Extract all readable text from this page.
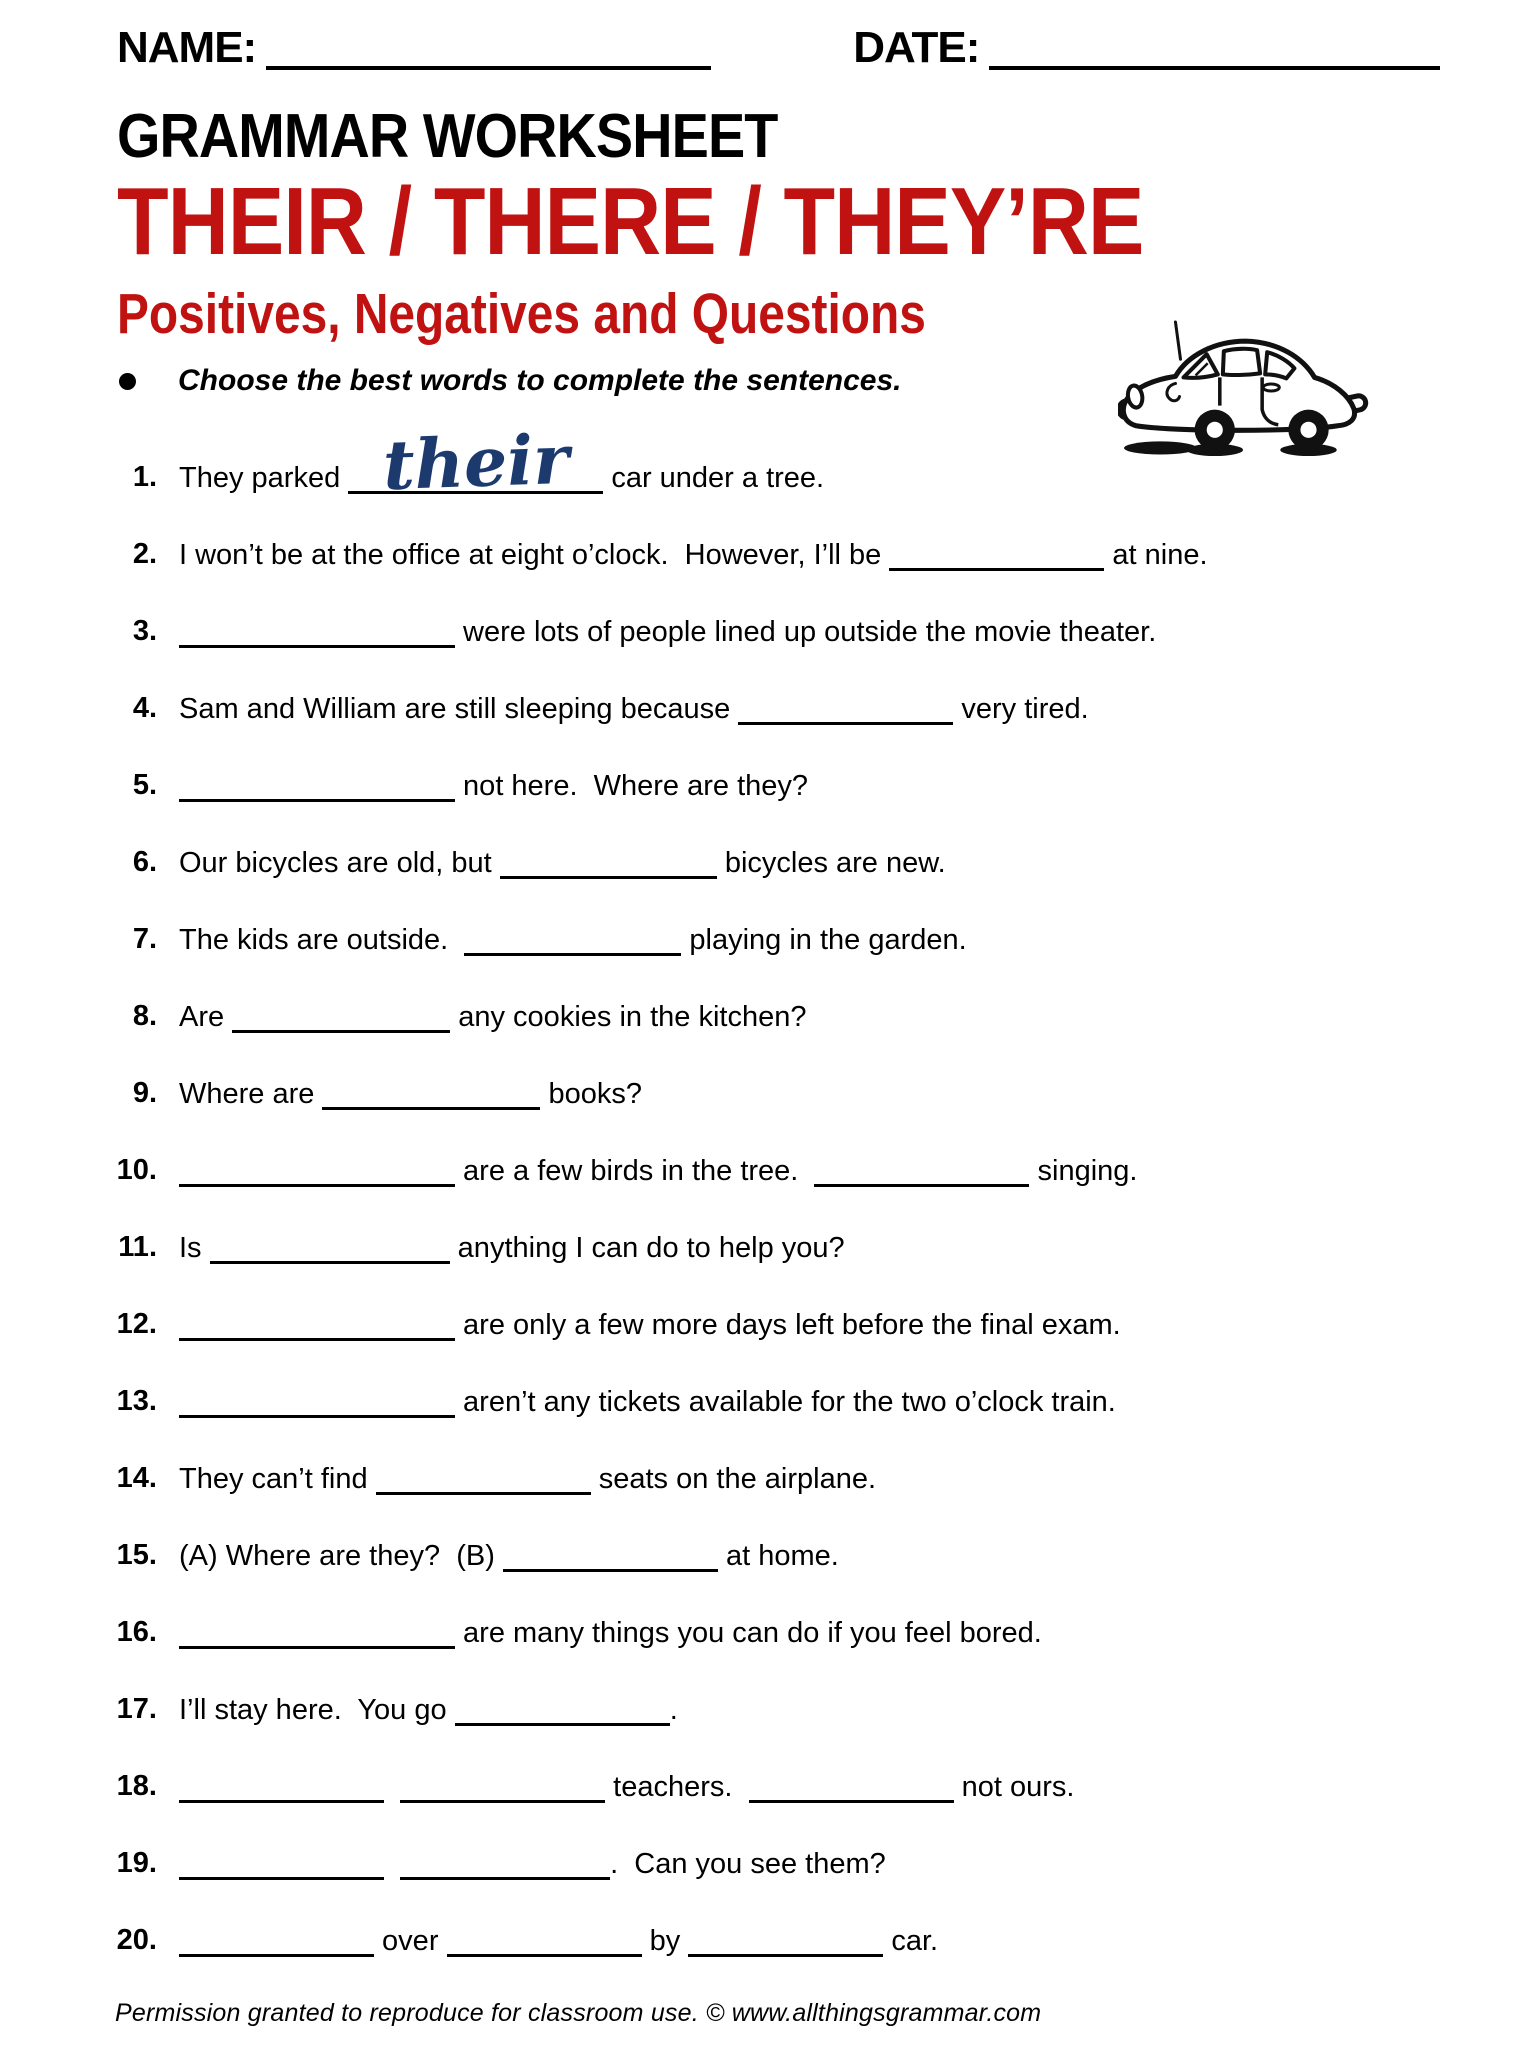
NAME:	DATE:
GRAMMAR WORKSHEET
THEIR / THERE / THEY’RE
Positives, Negatives and Questions
Choose the best words to complete the sentences.
1. They parked their car under a tree.
2. I won’t be at the office at eight o’clock.  However, I’ll be	at nine.
3.	were lots of people lined up outside the movie theater.
4. Sam and William are still sleeping because	very tired.
5.	not here.  Where are they?
6. Our bicycles are old, but	bicycles are new.
7. The kids are outside.	playing in the garden.
8. Are	any cookies in the kitchen?
9. Where are	books?
10.	are a few birds in the tree.	singing.
11. Is	anything I can do to help you?
12.	are only a few more days left before the final exam.
13.	aren’t any tickets available for the two o’clock train.
14. They can’t find	seats on the airplane.
15. (A) Where are they?  (B)	at home.
16.	are many things you can do if you feel bored.
17. I’ll stay here.  You go	.
18.	teachers.	not ours.
19.	.  Can you see them?
20.	over	by	car.
Permission granted to reproduce for classroom use. © www.allthingsgrammar.com
